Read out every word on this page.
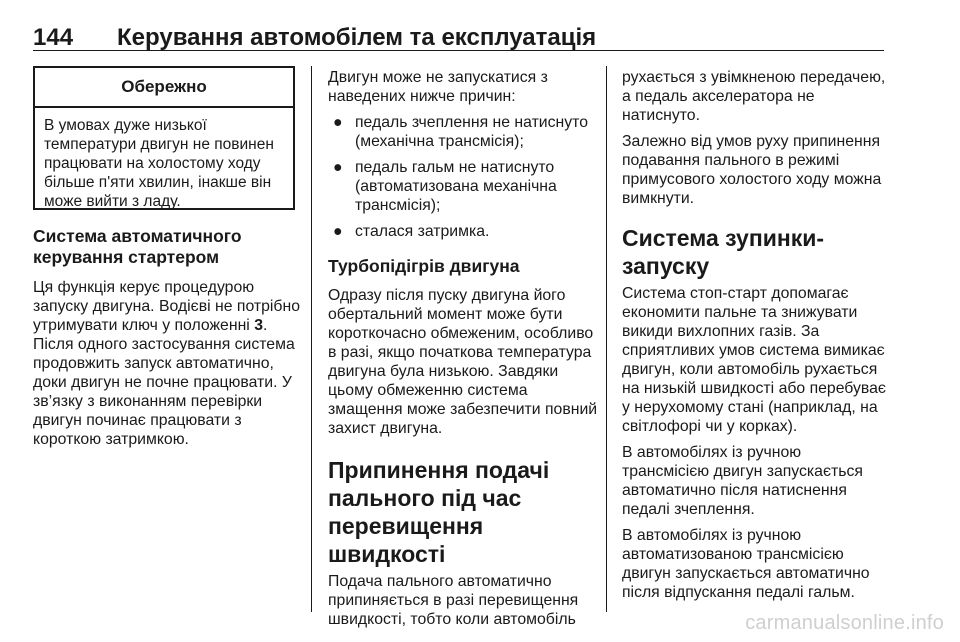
144 Керування автомобілем та експлуатація
Обережно
В умовах дуже низької температури двигун не повинен працювати на холостому ходу більше п'яти хвилин, інакше він може вийти з ладу.
Система автоматичного керування стартером

Ця функція керує процедурою запуску двигуна. Водієві не потрібно утримувати ключ у положенні 3. Після одного застосування система продовжить запуск автоматично, доки двигун не почне працювати. У зв’язку з виконанням перевірки двигун починає працювати з короткою затримкою.

Двигун може не запускатися з наведених нижче причин:

● педаль зчеплення не натиснуто (механічна трансмісія);
● педаль гальм не натиснуто (автоматизована механічна трансмісія);
● сталася затримка.
Турбопідігрів двигуна

Одразу після пуску двигуна його обертальний момент може бути короткочасно обмеженим, особливо в разі, якщо початкова температура двигуна була низькою. Завдяки цьому обмеженню система змащення може забезпечити повний захист двигуна.

Припинення подачі пального під час перевищення швидкості

Подача пального автоматично припиняється в разі перевищення швидкості, тобто коли автомобіль

рухається з увімкненою передачею, а педаль акселератора не натиснуто.

Залежно від умов руху припинення подавання пального в режимі примусового холостого ходу можна вимкнути.

Система зупинки-запуску

Система стоп-старт допомагає економити пальне та знижувати викиди вихлопних газів. За сприятливих умов система вимикає двигун, коли автомобіль рухається на низькій швидкості або перебуває у нерухомому стані (наприклад, на світлофорі чи у корках).

В автомобілях із ручною трансмісією двигун запускається автоматично після натиснення педалі зчеплення.

В автомобілях із ручною автоматизованою трансмісією двигун запускається автоматично після відпускання педалі гальм.

carmanualsonline.info
